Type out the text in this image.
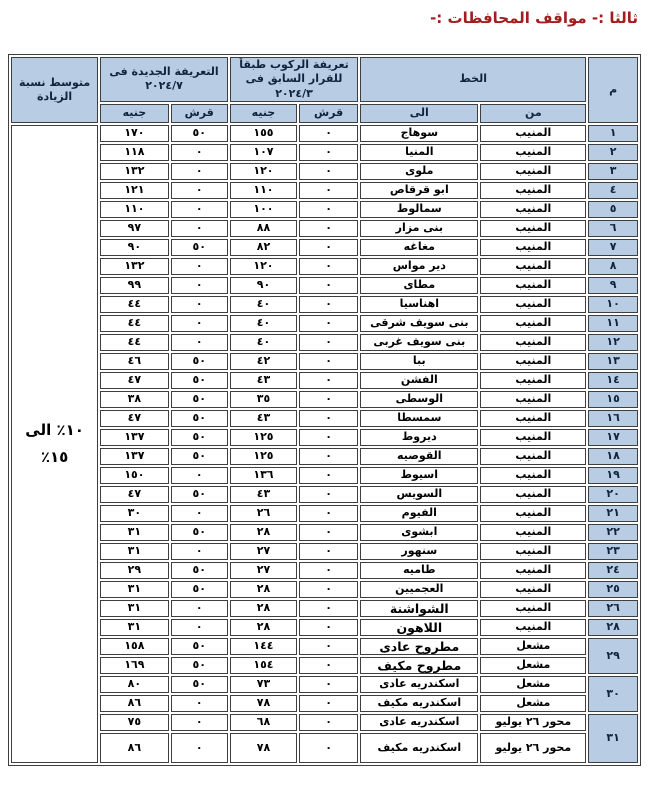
ثالثا :- مواقف المحافظات :-
م	الخط		تعريفة الركوب طبقاً للقرار السابق فى ٢٠٢٤/٣		التعريفة الجديدة فى ٢٠٢٤/٧		متوسط نسبة الزيادة
	من	الى	قرش	جنيه	قرش	جنيه	
١	المنيب	سوهاج	٠	١٥٥	٥٠	١٧٠	١٠٪ الى ١٥٪
٢	المنيب	المنيا	٠	١٠٧	٠	١١٨	
٣	المنيب	ملوى	٠	١٢٠	٠	١٣٢	
٤	المنيب	ابو قرقاص	٠	١١٠	٠	١٢١	
٥	المنيب	سمالوط	٠	١٠٠	٠	١١٠	
٦	المنيب	بنى مزار	٠	٨٨	٠	٩٧	
٧	المنيب	مغاغه	٠	٨٢	٥٠	٩٠	
٨	المنيب	دير مواس	٠	١٢٠	٠	١٣٢	
٩	المنيب	مطاى	٠	٩٠	٠	٩٩	
١٠	المنيب	اهناسيا	٠	٤٠	٠	٤٤	
١١	المنيب	بنى سويف شرقى	٠	٤٠	٠	٤٤	
١٢	المنيب	بنى سويف غربى	٠	٤٠	٠	٤٤	
١٣	المنيب	ببا	٠	٤٢	٥٠	٤٦	
١٤	المنيب	الفشن	٠	٤٣	٥٠	٤٧	
١٥	المنيب	الوسطى	٠	٣٥	٥٠	٣٨	
١٦	المنيب	سمسطا	٠	٤٣	٥٠	٤٧	
١٧	المنيب	ديروط	٠	١٢٥	٥٠	١٣٧	
١٨	المنيب	القوصيه	٠	١٢٥	٥٠	١٣٧	
١٩	المنيب	اسيوط	٠	١٣٦	٠	١٥٠	
٢٠	المنيب	السويس	٠	٤٣	٥٠	٤٧	
٢١	المنيب	الفيوم	٠	٢٦	٠	٣٠	
٢٢	المنيب	ابشوى	٠	٢٨	٥٠	٣١	
٢٣	المنيب	سنهور	٠	٢٧	٠	٣١	
٢٤	المنيب	طاميه	٠	٢٧	٥٠	٢٩	
٢٥	المنيب	العجميين	٠	٢٨	٥٠	٣١	
٢٦	المنيب	الشواشنة	٠	٢٨	٠	٣١	
٢٨	المنيب	اللاهون	٠	٢٨	٠	٣١	
٢٩	مشعل	مطروح عادى	٠	١٤٤	٥٠	١٥٨	
	مشعل	مطروح مكيف	٠	١٥٤	٥٠	١٦٩	
٣٠	مشعل	اسكندريه عادى	٠	٧٣	٥٠	٨٠	
	مشعل	اسكندريه مكيف	٠	٧٨	٠	٨٦	
٣١	محور ٢٦ يوليو	اسكندريه عادى	٠	٦٨	٠	٧٥	
	محور ٢٦ يوليو	اسكندريه مكيف	٠	٧٨	٠	٨٦	
